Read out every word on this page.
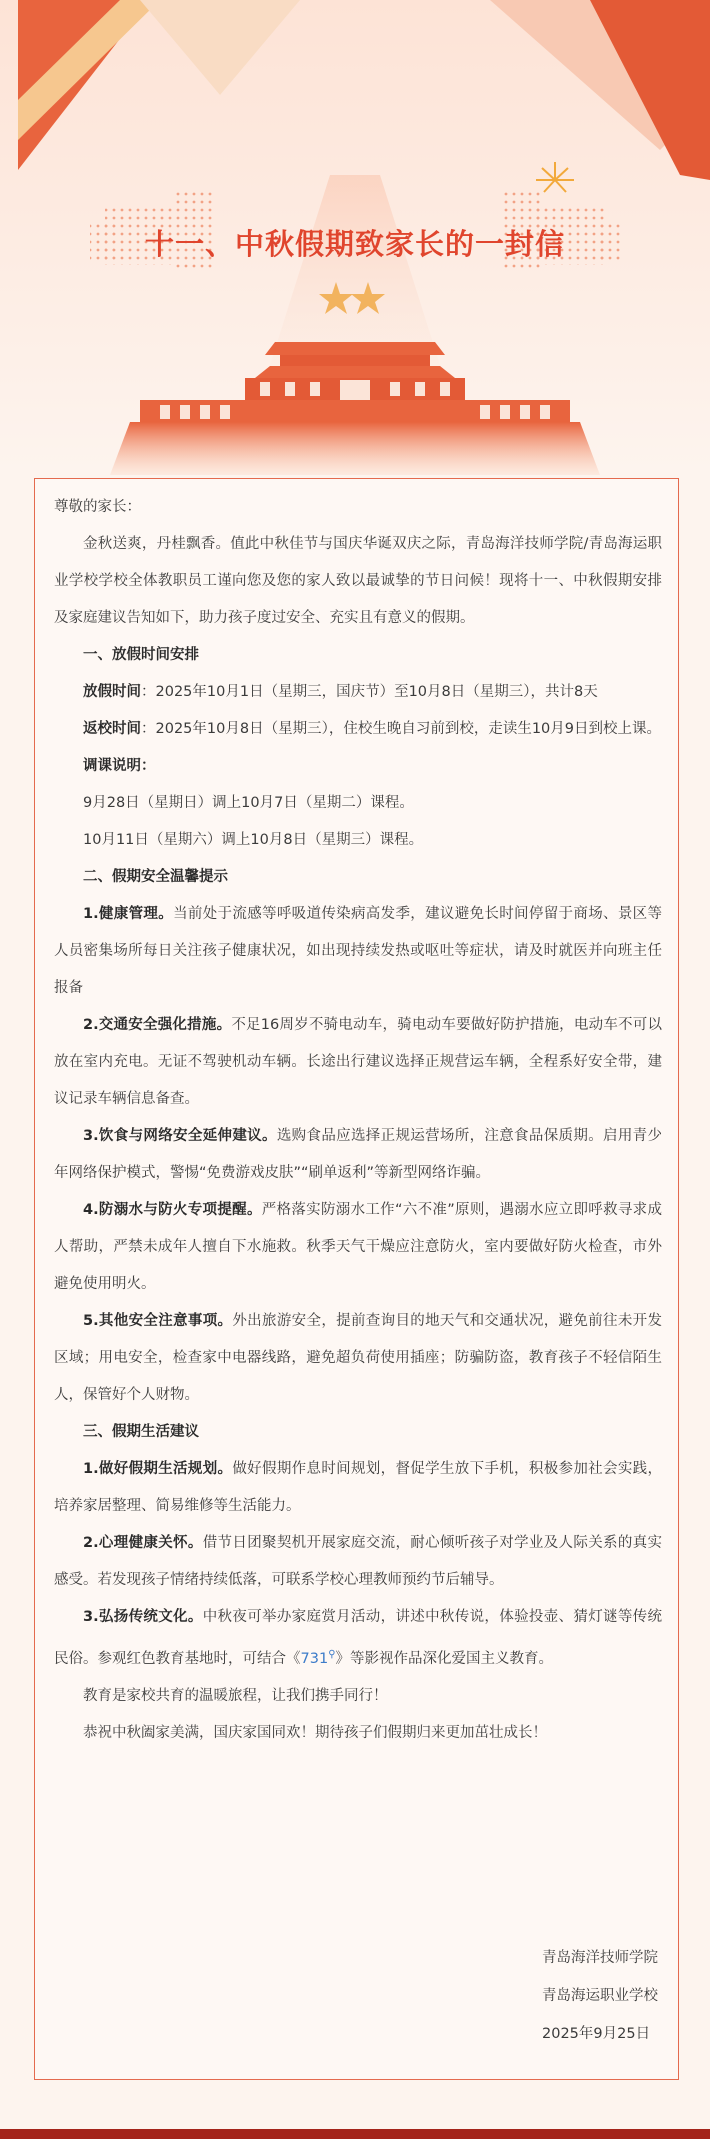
十一、中秋假期致家长的一封信

尊敬的家长：

金秋送爽，丹桂飘香。值此中秋佳节与国庆华诞双庆之际，青岛海洋技师学院/青岛海运职业学校学校全体教职员工谨向您及您的家人致以最诚挚的节日问候！现将十一、中秋假期安排及家庭建议告知如下，助力孩子度过安全、充实且有意义的假期。

一、放假时间安排

放假时间：2025年10月1日（星期三，国庆节）至10月8日（星期三），共计8天

返校时间：2025年10月8日（星期三），住校生晚自习前到校，走读生10月9日到校上课。

调课说明：

9月28日（星期日）调上10月7日（星期二）课程。

10月11日（星期六）调上10月8日（星期三）课程。

二、假期安全温馨提示

1.健康管理。当前处于流感等呼吸道传染病高发季，建议避免长时间停留于商场、景区等人员密集场所每日关注孩子健康状况，如出现持续发热或呕吐等症状，请及时就医并向班主任报备

2.交通安全强化措施。不足16周岁不骑电动车，骑电动车要做好防护措施，电动车不可以放在室内充电。无证不驾驶机动车辆。长途出行建议选择正规营运车辆，全程系好安全带，建议记录车辆信息备查。

3.饮食与网络安全延伸建议。选购食品应选择正规运营场所，注意食品保质期。启用青少年网络保护模式，警惕“免费游戏皮肤”“刷单返利”等新型网络诈骗。

4.防溺水与防火专项提醒。严格落实防溺水工作“六不准”原则，遇溺水应立即呼救寻求成人帮助，严禁未成年人擅自下水施救。秋季天气干燥应注意防火，室内要做好防火检查，市外避免使用明火。

5.其他安全注意事项。外出旅游安全，提前查询目的地天气和交通状况，避免前往未开发区域；用电安全，检查家中电器线路，避免超负荷使用插座；防骗防盗，教育孩子不轻信陌生人，保管好个人财物。

三、假期生活建议

1.做好假期生活规划。做好假期作息时间规划，督促学生放下手机，积极参加社会实践，培养家居整理、简易维修等生活能力。

2.心理健康关怀。借节日团聚契机开展家庭交流，耐心倾听孩子对学业及人际关系的真实感受。若发现孩子情绪持续低落，可联系学校心理教师预约节后辅导。

3.弘扬传统文化。中秋夜可举办家庭赏月活动，讲述中秋传说，体验投壶、猜灯谜等传统民俗。参观红色教育基地时，可结合《731⚲》等影视作品深化爱国主义教育。

教育是家校共育的温暖旅程，让我们携手同行！

恭祝中秋阖家美满，国庆家国同欢！期待孩子们假期归来更加茁壮成长！

青岛海洋技师学院

青岛海运职业学校

2025年9月25日
